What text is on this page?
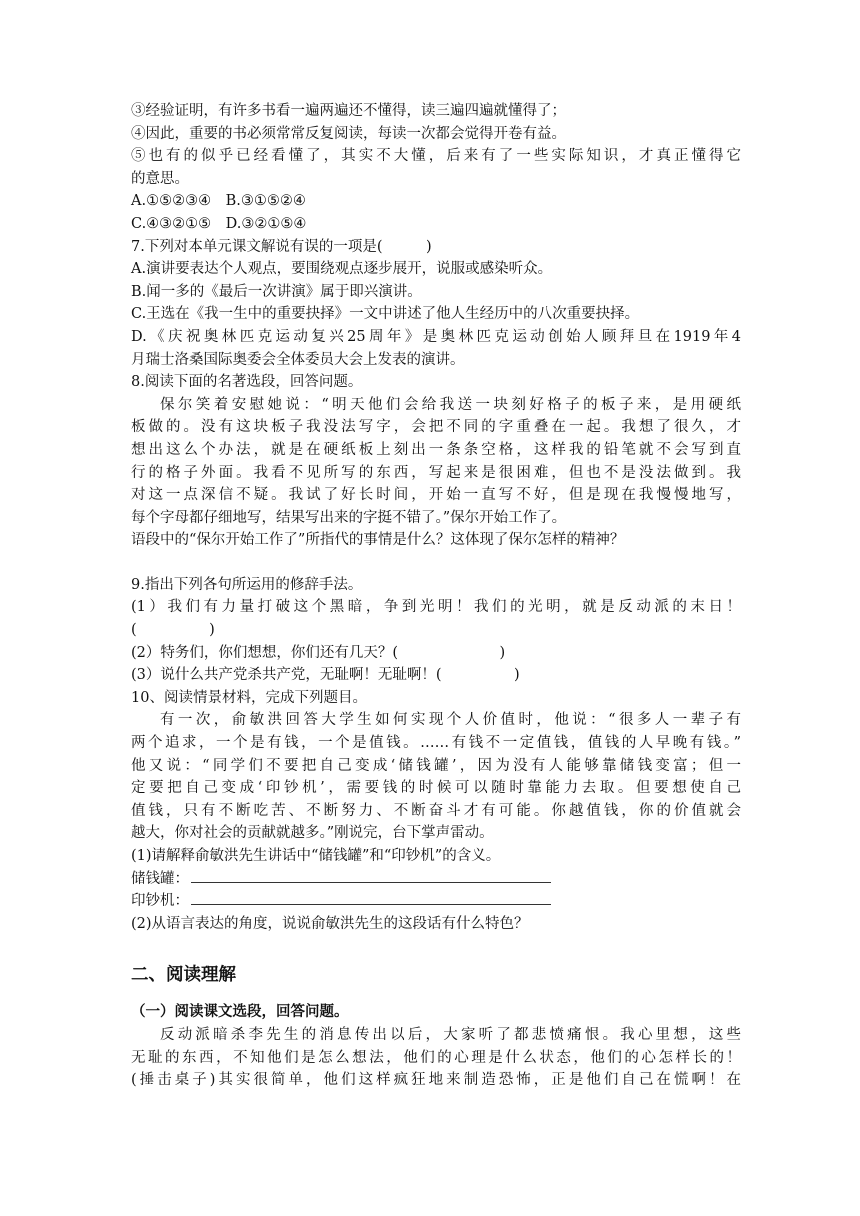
③经验证明，有许多书看一遍两遍还不懂得，读三遍四遍就懂得了；
④因此，重要的书必须常常反复阅读，每读一次都会觉得开卷有益。
⑤也有的似乎已经看懂了，其实不大懂，后来有了一些实际知识，才真正懂得它
的意思。
A.①⑤②③④　B.③①⑤②④
C.④③②①⑤　D.③②①⑤④
7.下列对本单元课文解说有误的一项是(　　　)
A.演讲要表达个人观点，要围绕观点逐步展开，说服或感染听众。
B.闻一多的《最后一次讲演》属于即兴演讲。
C.王选在《我一生中的重要抉择》一文中讲述了他人生经历中的八次重要抉择。
D.《庆祝奥林匹克运动复兴25周年》是奥林匹克运动创始人顾拜旦在1919年4
月瑞士洛桑国际奥委会全体委员大会上发表的演讲。
8.阅读下面的名著选段，回答问题。
保尔笑着安慰她说：“明天他们会给我送一块刻好格子的板子来，是用硬纸
板做的。没有这块板子我没法写字，会把不同的字重叠在一起。我想了很久，才
想出这么个办法，就是在硬纸板上刻出一条条空格，这样我的铅笔就不会写到直
行的格子外面。我看不见所写的东西，写起来是很困难，但也不是没法做到。我
对这一点深信不疑。我试了好长时间，开始一直写不好，但是现在我慢慢地写，
每个字母都仔细地写，结果写出来的字挺不错了。”保尔开始工作了。
语段中的“保尔开始工作了”所指代的事情是什么？这体现了保尔怎样的精神？
9.指出下列各句所运用的修辞手法。
(1）我们有力量打破这个黑暗，争到光明！我们的光明，就是反动派的末日！
(　　　　　)
(2）特务们，你们想想，你们还有几天？(　　　　　　　)
(3）说什么共产党杀共产党，无耻啊！无耻啊！(　　　　　)
10、阅读情景材料，完成下列题目。
有一次，俞敏洪回答大学生如何实现个人价值时，他说：“很多人一辈子有
两个追求，一个是有钱，一个是值钱。……有钱不一定值钱，值钱的人早晚有钱。”
他又说：“同学们不要把自己变成‘储钱罐’，因为没有人能够靠储钱变富；但一
定要把自己变成‘印钞机’，需要钱的时候可以随时靠能力去取。但要想使自己
值钱，只有不断吃苦、不断努力、不断奋斗才有可能。你越值钱，你的价值就会
越大，你对社会的贡献就越多。”刚说完，台下掌声雷动。
(1)请解释俞敏洪先生讲话中“储钱罐”和“印钞机”的含义。
储钱罐：
印钞机：
(2)从语言表达的角度，说说俞敏洪先生的这段话有什么特色？
二、阅读理解
（一）阅读课文选段，回答问题。
反动派暗杀李先生的消息传出以后，大家听了都悲愤痛恨。我心里想，这些
无耻的东西，不知他们是怎么想法，他们的心理是什么状态，他们的心怎样长的！
(捶击桌子)其实很简单，他们这样疯狂地来制造恐怖，正是他们自己在慌啊！在
